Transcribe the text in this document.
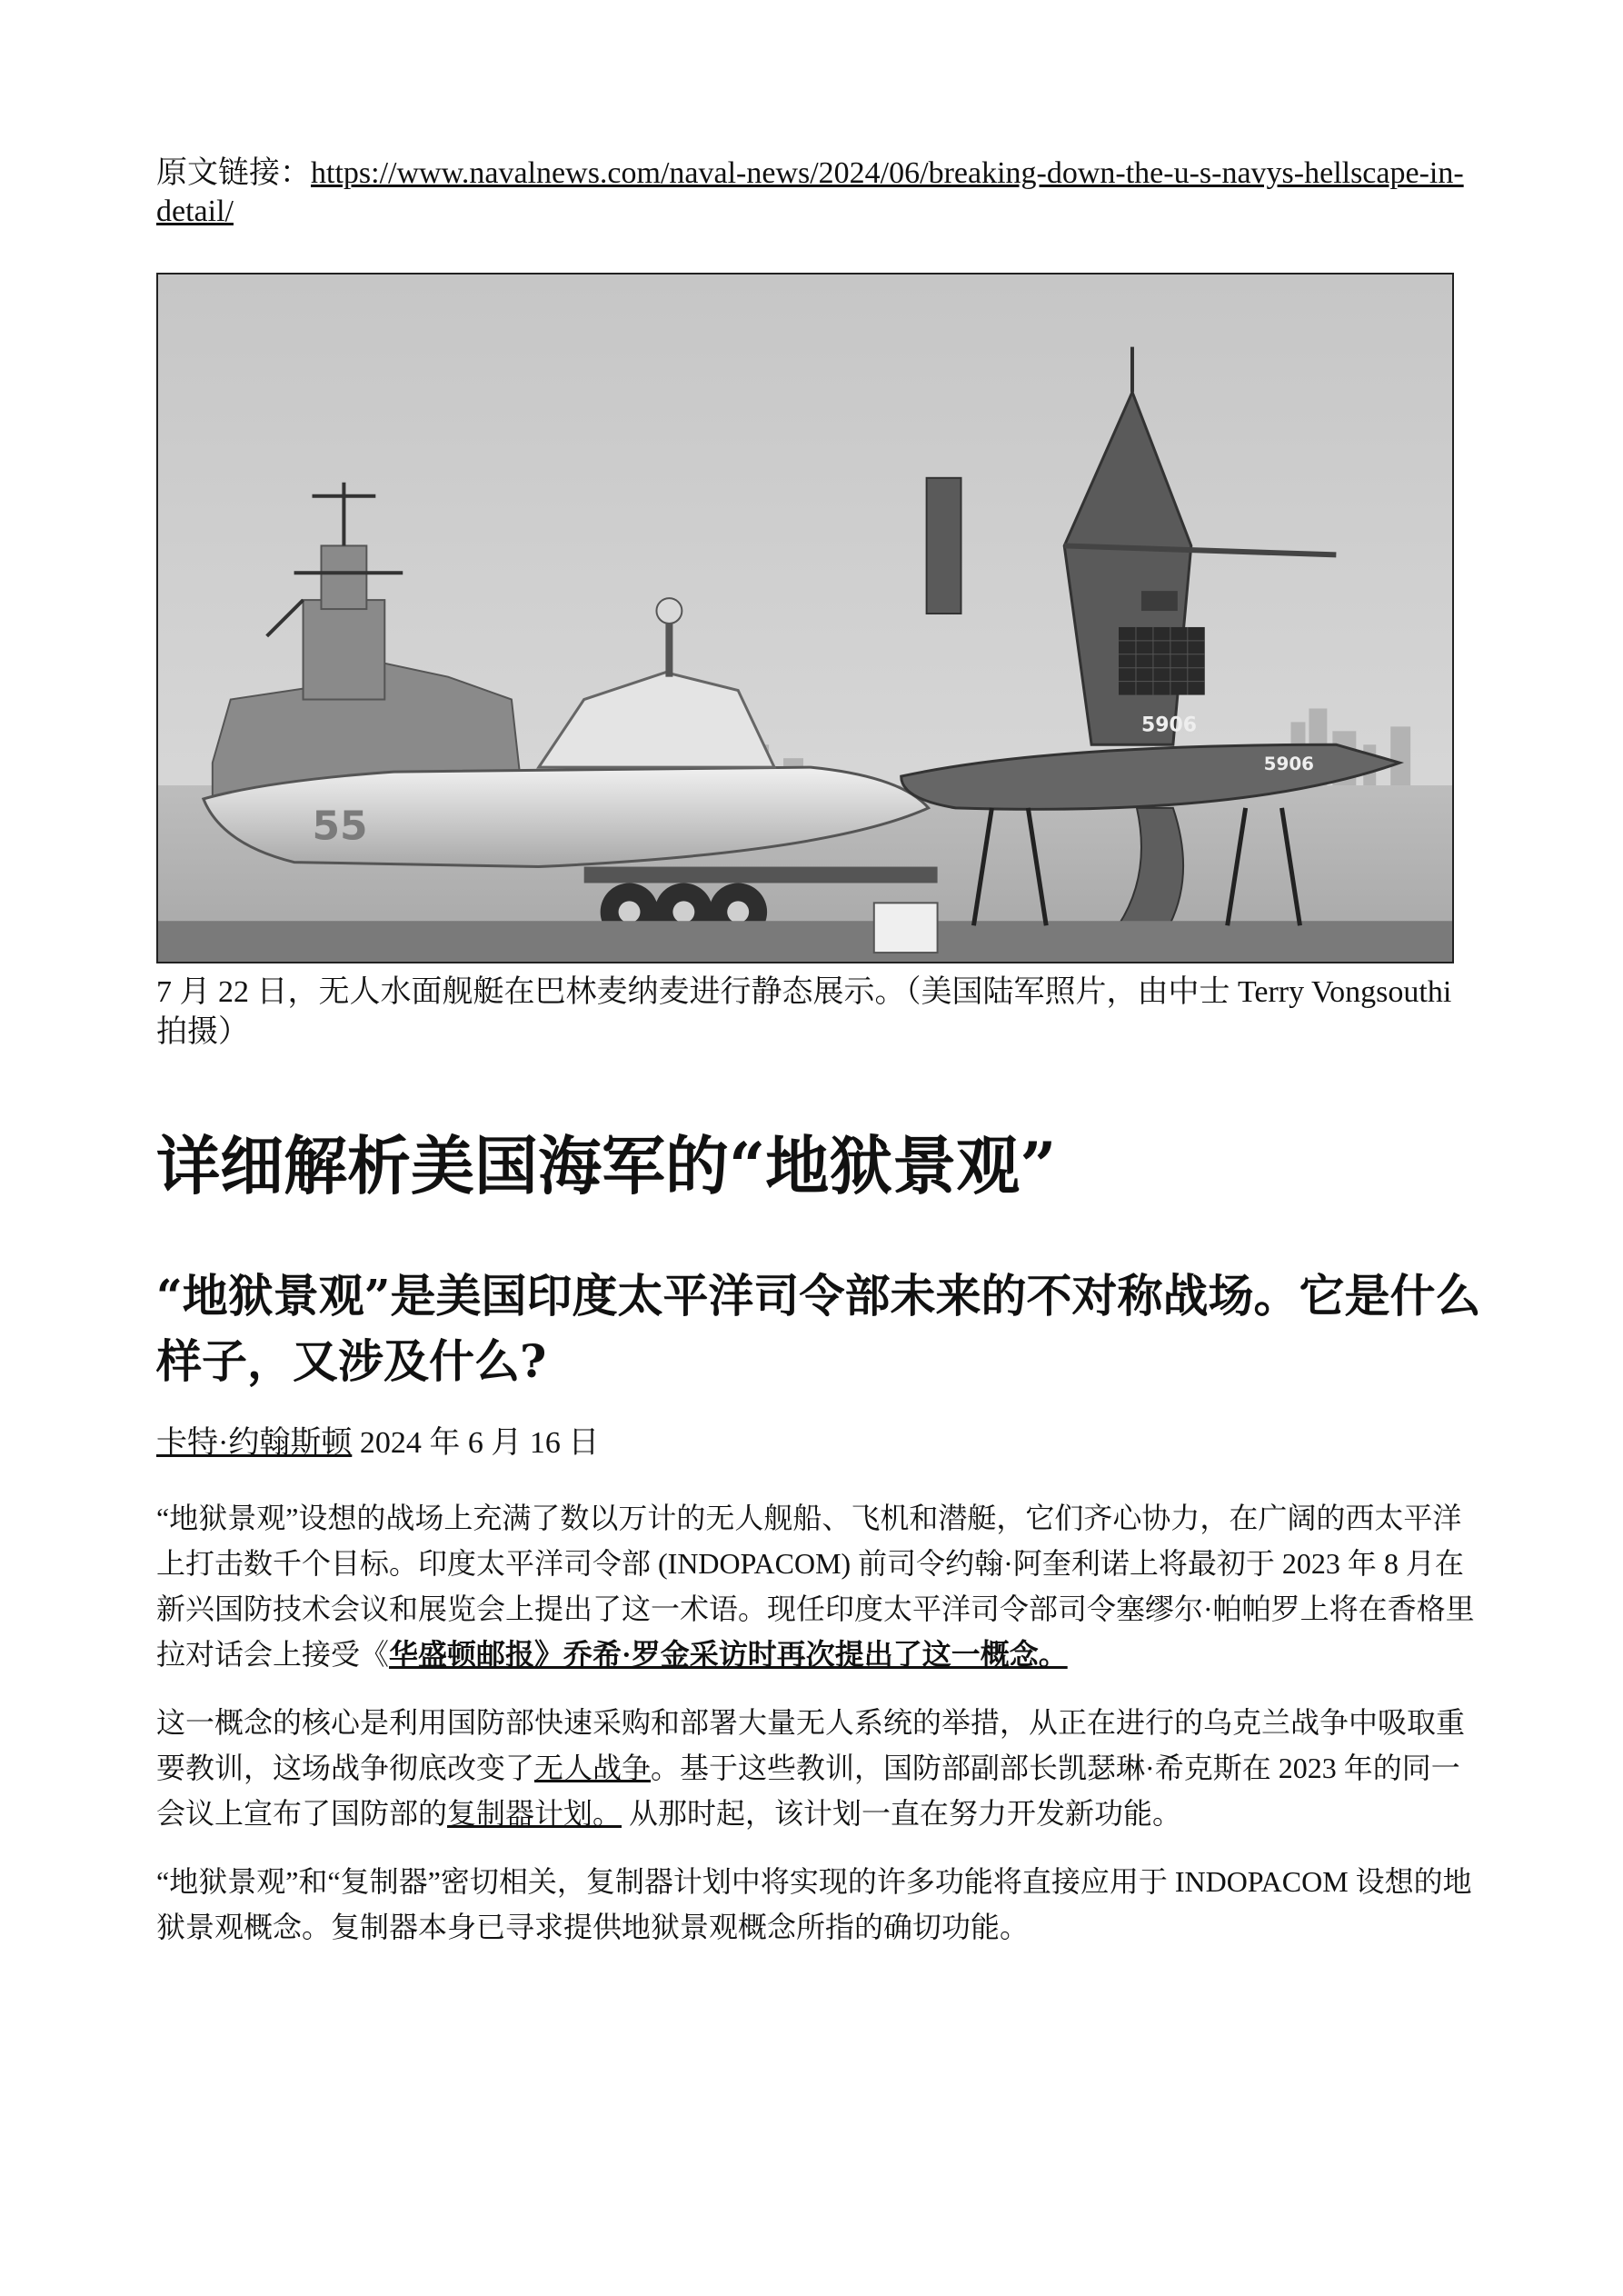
原文链接：https://www.navalnews.com/naval-news/2024/06/breaking-down-the-u-s-navys-hellscape-in-detail/
55
5906
5906
7 月 22 日，无人水面舰艇在巴林麦纳麦进行静态展示。（美国陆军照片，由中士 Terry Vongsouthi 拍摄）
详细解析美国海军的“地狱景观”
“地狱景观”是美国印度太平洋司令部未来的不对称战场。它是什么样子，又涉及什么?
卡特·约翰斯顿 2024 年 6 月 16 日

“地狱景观”设想的战场上充满了数以万计的无人舰船、飞机和潜艇，它们齐心协力，在广阔的西太平洋上打击数千个目标。印度太平洋司令部 (INDOPACOM) 前司令约翰·阿奎利诺上将最初于 2023 年 8 月在新兴国防技术会议和展览会上提出了这一术语。现任印度太平洋司令部司令塞缪尔·帕帕罗上将在香格里拉对话会上接受《华盛顿邮报》乔希·罗金采访时再次提出了这一概念。

这一概念的核心是利用国防部快速采购和部署大量无人系统的举措，从正在进行的乌克兰战争中吸取重要教训，这场战争彻底改变了无人战争。基于这些教训，国防部副部长凯瑟琳·希克斯在 2023 年的同一会议上宣布了国防部的复制器计划。 从那时起，该计划一直在努力开发新功能。

“地狱景观”和“复制器”密切相关，复制器计划中将实现的许多功能将直接应用于 INDOPACOM 设想的地狱景观概念。复制器本身已寻求提供地狱景观概念所指的确切功能。
